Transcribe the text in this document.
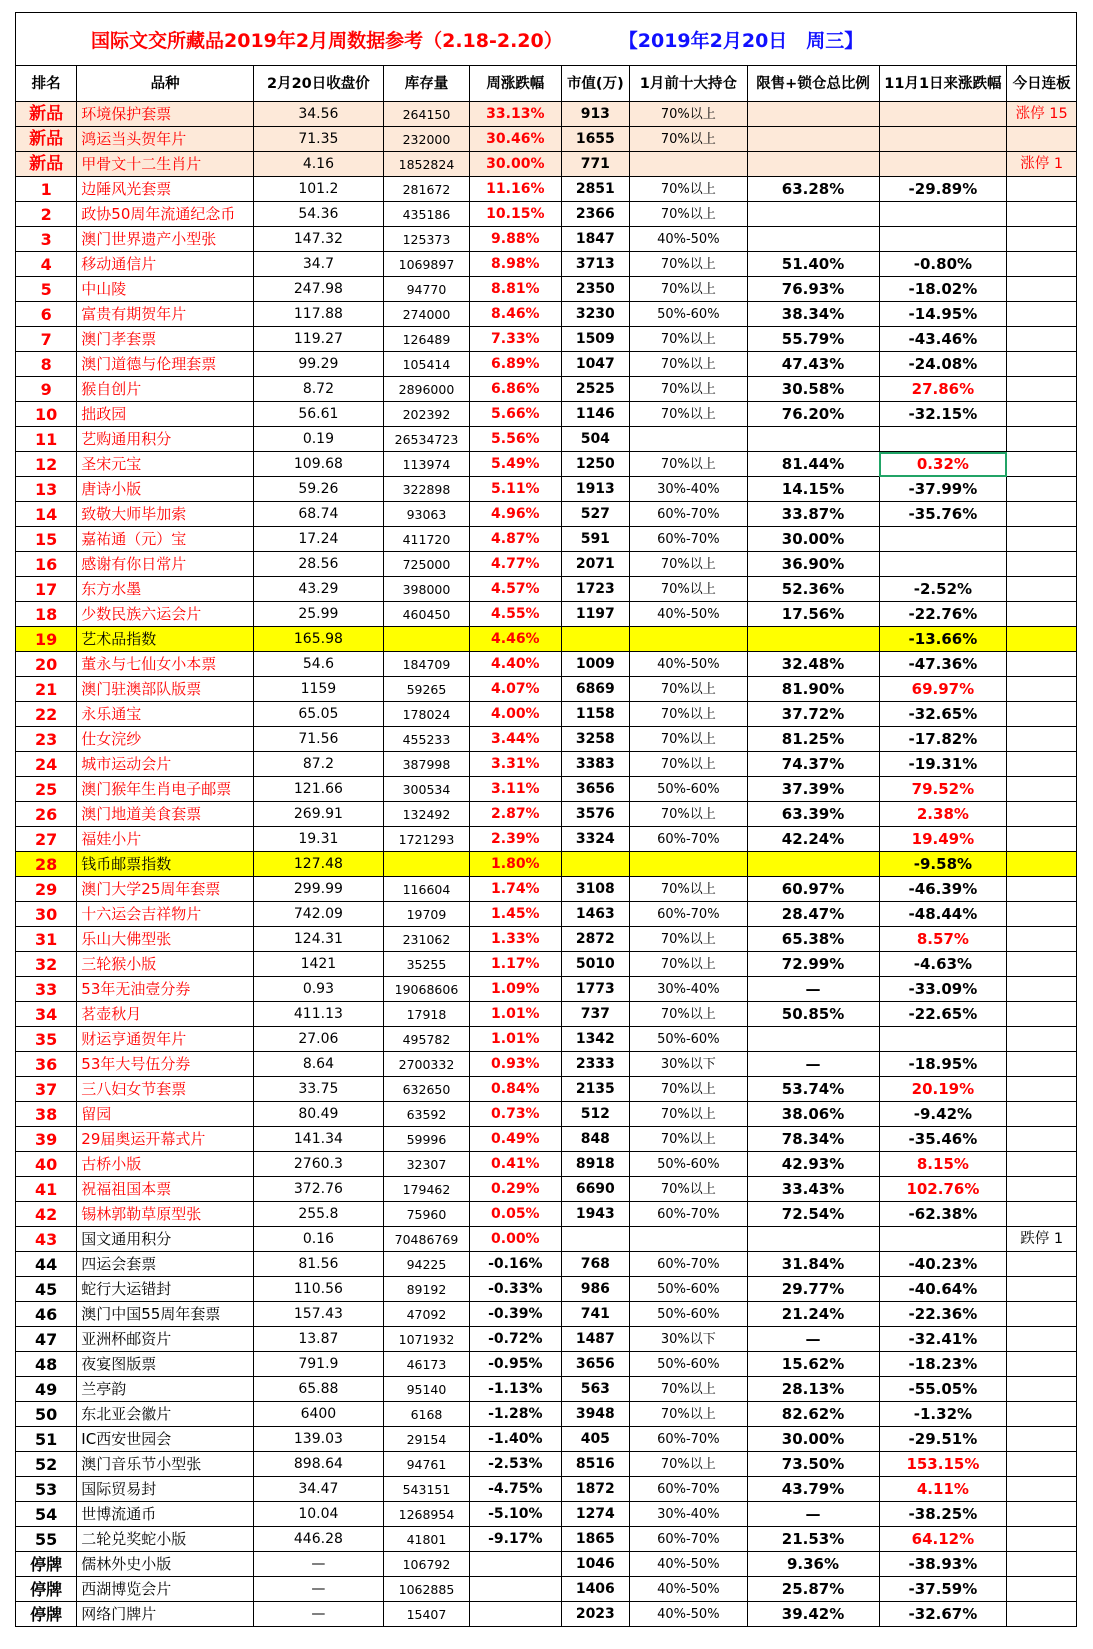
国际文交所藏品2019年2月周数据参考（2.18-2.20）	【2019年2月20日　周三】
排名	品种	2月20日收盘价	库存量	周涨跌幅	市值(万)	1月前十大持仓	限售+锁仓总比例	11月1日来涨跌幅	今日连板
新品	环境保护套票	34.56	264150	33.13%	913	70%以上			涨停 15
新品	鸿运当头贺年片	71.35	232000	30.46%	1655	70%以上			
新品	甲骨文十二生肖片	4.16	1852824	30.00%	771				涨停 1
1	边陲风光套票	101.2	281672	11.16%	2851	70%以上	63.28%	-29.89%	
2	政协50周年流通纪念币	54.36	435186	10.15%	2366	70%以上			
3	澳门世界遗产小型张	147.32	125373	9.88%	1847	40%-50%			
4	移动通信片	34.7	1069897	8.98%	3713	70%以上	51.40%	-0.80%	
5	中山陵	247.98	94770	8.81%	2350	70%以上	76.93%	-18.02%	
6	富贵有期贺年片	117.88	274000	8.46%	3230	50%-60%	38.34%	-14.95%	
7	澳门孝套票	119.27	126489	7.33%	1509	70%以上	55.79%	-43.46%	
8	澳门道德与伦理套票	99.29	105414	6.89%	1047	70%以上	47.43%	-24.08%	
9	猴自创片	8.72	2896000	6.86%	2525	70%以上	30.58%	27.86%	
10	拙政园	56.61	202392	5.66%	1146	70%以上	76.20%	-32.15%	
11	艺购通用积分	0.19	26534723	5.56%	504				
12	圣宋元宝	109.68	113974	5.49%	1250	70%以上	81.44%	0.32%	
13	唐诗小版	59.26	322898	5.11%	1913	30%-40%	14.15%	-37.99%	
14	致敬大师毕加索	68.74	93063	4.96%	527	60%-70%	33.87%	-35.76%	
15	嘉祐通（元）宝	17.24	411720	4.87%	591	60%-70%	30.00%		
16	感谢有你日常片	28.56	725000	4.77%	2071	70%以上	36.90%		
17	东方水墨	43.29	398000	4.57%	1723	70%以上	52.36%	-2.52%	
18	少数民族六运会片	25.99	460450	4.55%	1197	40%-50%	17.56%	-22.76%	
19	艺术品指数	165.98		4.46%				-13.66%	
20	董永与七仙女小本票	54.6	184709	4.40%	1009	40%-50%	32.48%	-47.36%	
21	澳门驻澳部队版票	1159	59265	4.07%	6869	70%以上	81.90%	69.97%	
22	永乐通宝	65.05	178024	4.00%	1158	70%以上	37.72%	-32.65%	
23	仕女浣纱	71.56	455233	3.44%	3258	70%以上	81.25%	-17.82%	
24	城市运动会片	87.2	387998	3.31%	3383	70%以上	74.37%	-19.31%	
25	澳门猴年生肖电子邮票	121.66	300534	3.11%	3656	50%-60%	37.39%	79.52%	
26	澳门地道美食套票	269.91	132492	2.87%	3576	70%以上	63.39%	2.38%	
27	福娃小片	19.31	1721293	2.39%	3324	60%-70%	42.24%	19.49%	
28	钱币邮票指数	127.48		1.80%				-9.58%	
29	澳门大学25周年套票	299.99	116604	1.74%	3108	70%以上	60.97%	-46.39%	
30	十六运会吉祥物片	742.09	19709	1.45%	1463	60%-70%	28.47%	-48.44%	
31	乐山大佛型张	124.31	231062	1.33%	2872	70%以上	65.38%	8.57%	
32	三轮猴小版	1421	35255	1.17%	5010	70%以上	72.99%	-4.63%	
33	53年无油壹分券	0.93	19068606	1.09%	1773	30%-40%	—	-33.09%	
34	茗壶秋月	411.13	17918	1.01%	737	70%以上	50.85%	-22.65%	
35	财运亨通贺年片	27.06	495782	1.01%	1342	50%-60%			
36	53年大号伍分券	8.64	2700332	0.93%	2333	30%以下	—	-18.95%	
37	三八妇女节套票	33.75	632650	0.84%	2135	70%以上	53.74%	20.19%	
38	留园	80.49	63592	0.73%	512	70%以上	38.06%	-9.42%	
39	29届奥运开幕式片	141.34	59996	0.49%	848	70%以上	78.34%	-35.46%	
40	古桥小版	2760.3	32307	0.41%	8918	50%-60%	42.93%	8.15%	
41	祝福祖国本票	372.76	179462	0.29%	6690	70%以上	33.43%	102.76%	
42	锡林郭勒草原型张	255.8	75960	0.05%	1943	60%-70%	72.54%	-62.38%	
43	国文通用积分	0.16	70486769	0.00%					跌停 1
44	四运会套票	81.56	94225	-0.16%	768	60%-70%	31.84%	-40.23%	
45	蛇行大运错封	110.56	89192	-0.33%	986	50%-60%	29.77%	-40.64%	
46	澳门中国55周年套票	157.43	47092	-0.39%	741	50%-60%	21.24%	-22.36%	
47	亚洲杯邮资片	13.87	1071932	-0.72%	1487	30%以下	—	-32.41%	
48	夜宴图版票	791.9	46173	-0.95%	3656	50%-60%	15.62%	-18.23%	
49	兰亭韵	65.88	95140	-1.13%	563	70%以上	28.13%	-55.05%	
50	东北亚会徽片	6400	6168	-1.28%	3948	70%以上	82.62%	-1.32%	
51	IC西安世园会	139.03	29154	-1.40%	405	60%-70%	30.00%	-29.51%	
52	澳门音乐节小型张	898.64	94761	-2.53%	8516	70%以上	73.50%	153.15%	
53	国际贸易封	34.47	543151	-4.75%	1872	60%-70%	43.79%	4.11%	
54	世博流通币	10.04	1268954	-5.10%	1274	30%-40%	—	-38.25%	
55	二轮兑奖蛇小版	446.28	41801	-9.17%	1865	60%-70%	21.53%	64.12%	
停牌	儒林外史小版	—	106792		1046	40%-50%	9.36%	-38.93%	
停牌	西湖博览会片	—	1062885		1406	40%-50%	25.87%	-37.59%	
停牌	网络门牌片	—	15407		2023	40%-50%	39.42%	-32.67%	
